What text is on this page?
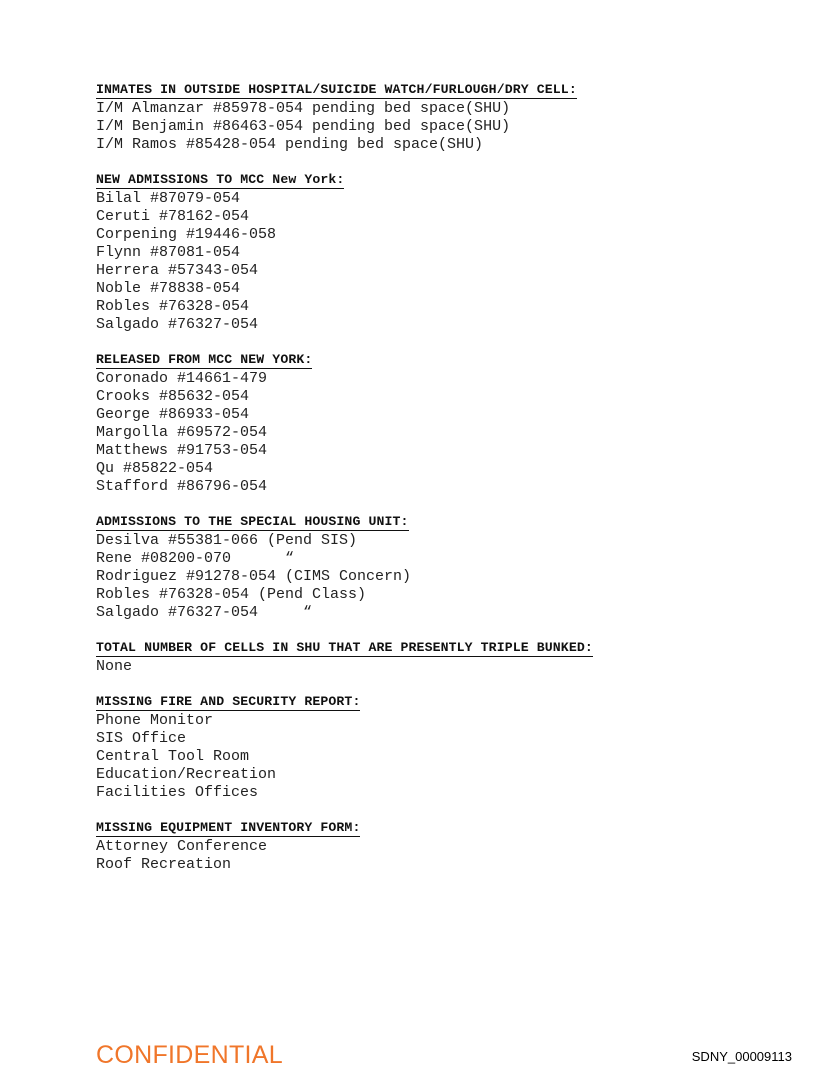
INMATES IN OUTSIDE HOSPITAL/SUICIDE WATCH/FURLOUGH/DRY CELL:
I/M Almanzar #85978-054 pending bed space(SHU)
I/M Benjamin #86463-054 pending bed space(SHU)
I/M Ramos #85428-054 pending bed space(SHU)
NEW ADMISSIONS TO MCC New York:
Bilal #87079-054
Ceruti #78162-054
Corpening #19446-058
Flynn #87081-054
Herrera #57343-054
Noble #78838-054
Robles #76328-054
Salgado #76327-054
RELEASED FROM MCC NEW YORK:
Coronado #14661-479
Crooks #85632-054
George #86933-054
Margolla #69572-054
Matthews #91753-054
Qu #85822-054
Stafford #86796-054
ADMISSIONS TO THE SPECIAL HOUSING UNIT:
Desilva #55381-066 (Pend SIS)
Rene #08200-070      “
Rodriguez #91278-054 (CIMS Concern)
Robles #76328-054 (Pend Class)
Salgado #76327-054     “
TOTAL NUMBER OF CELLS IN SHU THAT ARE PRESENTLY TRIPLE BUNKED:
None
MISSING FIRE AND SECURITY REPORT:
Phone Monitor
SIS Office
Central Tool Room
Education/Recreation
Facilities Offices
MISSING EQUIPMENT INVENTORY FORM:
Attorney Conference
Roof Recreation
CONFIDENTIAL	SDNY_00009113
